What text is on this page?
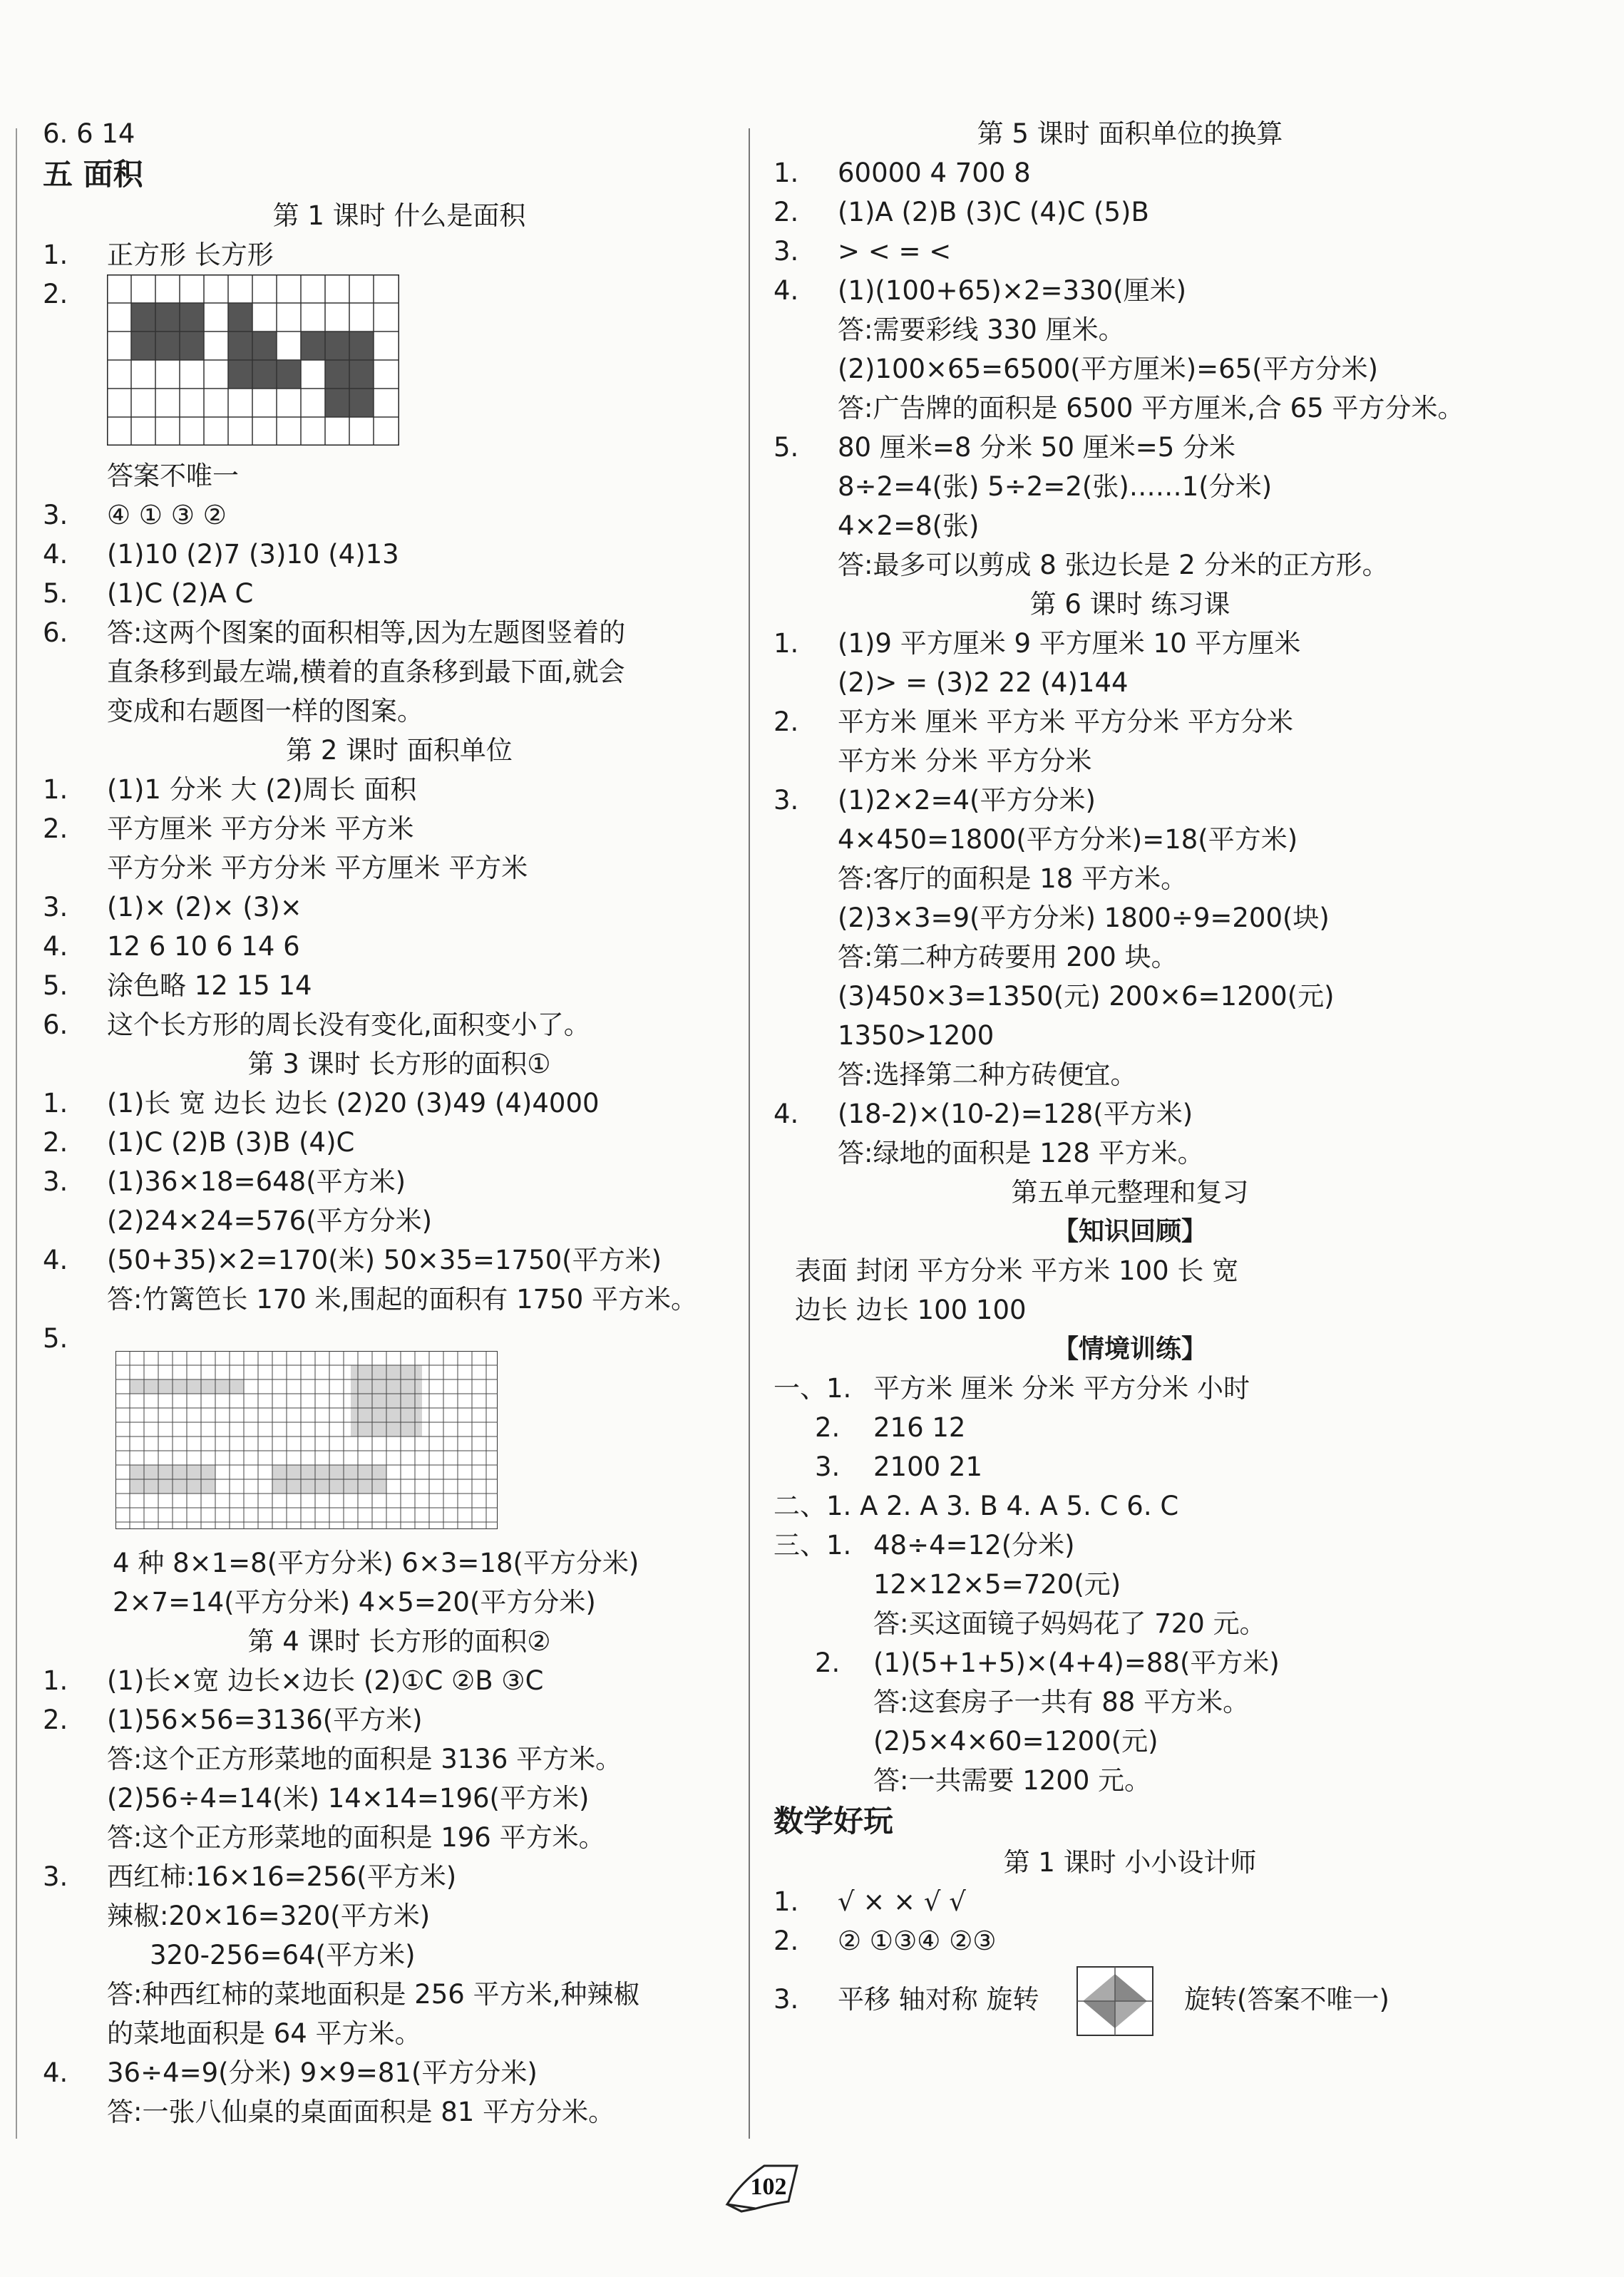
6. 6 14
五 面积
第 1 课时 什么是面积
1. 正方形 长方形
2.
答案不唯一
3. ④ ① ③ ②
4. (1)10 (2)7 (3)10 (4)13
5. (1)C (2)A C
6. 答:这两个图案的面积相等,因为左题图竖着的
直条移到最左端,横着的直条移到最下面,就会
变成和右题图一样的图案。
第 2 课时 面积单位
1. (1)1 分米 大 (2)周长 面积
2. 平方厘米 平方分米 平方米
平方分米 平方分米 平方厘米 平方米
3. (1)× (2)× (3)×
4. 12 6 10 6 14 6
5. 涂色略 12 15 14
6. 这个长方形的周长没有变化,面积变小了。
第 3 课时 长方形的面积①
1. (1)长 宽 边长 边长 (2)20 (3)49 (4)4000
2. (1)C (2)B (3)B (4)C
3. (1)36×18=648(平方米)
(2)24×24=576(平方分米)
4. (50+35)×2=170(米) 50×35=1750(平方米)
答:竹篱笆长 170 米,围起的面积有 1750 平方米。
5.
4 种 8×1=8(平方分米) 6×3=18(平方分米)
2×7=14(平方分米) 4×5=20(平方分米)
第 4 课时 长方形的面积②
1. (1)长×宽 边长×边长 (2)①C ②B ③C
2. (1)56×56=3136(平方米)
答:这个正方形菜地的面积是 3136 平方米。
(2)56÷4=14(米) 14×14=196(平方米)
答:这个正方形菜地的面积是 196 平方米。
3. 西红柿:16×16=256(平方米)
辣椒:20×16=320(平方米)
320-256=64(平方米)
答:种西红柿的菜地面积是 256 平方米,种辣椒
的菜地面积是 64 平方米。
4. 36÷4=9(分米) 9×9=81(平方分米)
答:一张八仙桌的桌面面积是 81 平方分米。
第 5 课时 面积单位的换算
1. 60000 4 700 8
2. (1)A (2)B (3)C (4)C (5)B
3. > < = <
4. (1)(100+65)×2=330(厘米)
答:需要彩线 330 厘米。
(2)100×65=6500(平方厘米)=65(平方分米)
答:广告牌的面积是 6500 平方厘米,合 65 平方分米。
5. 80 厘米=8 分米 50 厘米=5 分米
8÷2=4(张) 5÷2=2(张)……1(分米)
4×2=8(张)
答:最多可以剪成 8 张边长是 2 分米的正方形。
第 6 课时 练习课
1. (1)9 平方厘米 9 平方厘米 10 平方厘米
(2)> = (3)2 22 (4)144
2. 平方米 厘米 平方米 平方分米 平方分米
平方米 分米 平方分米
3. (1)2×2=4(平方分米)
4×450=1800(平方分米)=18(平方米)
答:客厅的面积是 18 平方米。
(2)3×3=9(平方分米) 1800÷9=200(块)
答:第二种方砖要用 200 块。
(3)450×3=1350(元) 200×6=1200(元)
1350>1200
答:选择第二种方砖便宜。
4. (18-2)×(10-2)=128(平方米)
答:绿地的面积是 128 平方米。
第五单元整理和复习
【知识回顾】
表面 封闭 平方分米 平方米 100 长 宽
边长 边长 100 100
【情境训练】
一、1. 平方米 厘米 分米 平方分米 小时
2. 216 12
3. 2100 21
二、1. A 2. A 3. B 4. A 5. C 6. C
三、1. 48÷4=12(分米)
12×12×5=720(元)
答:买这面镜子妈妈花了 720 元。
2. (1)(5+1+5)×(4+4)=88(平方米)
答:这套房子一共有 88 平方米。
(2)5×4×60=1200(元)
答:一共需要 1200 元。
数学好玩
第 1 课时 小小设计师
1. √ × × √ √
2. ② ①③④ ②③
3. 平移 轴对称 旋转	旋转(答案不唯一)
102
